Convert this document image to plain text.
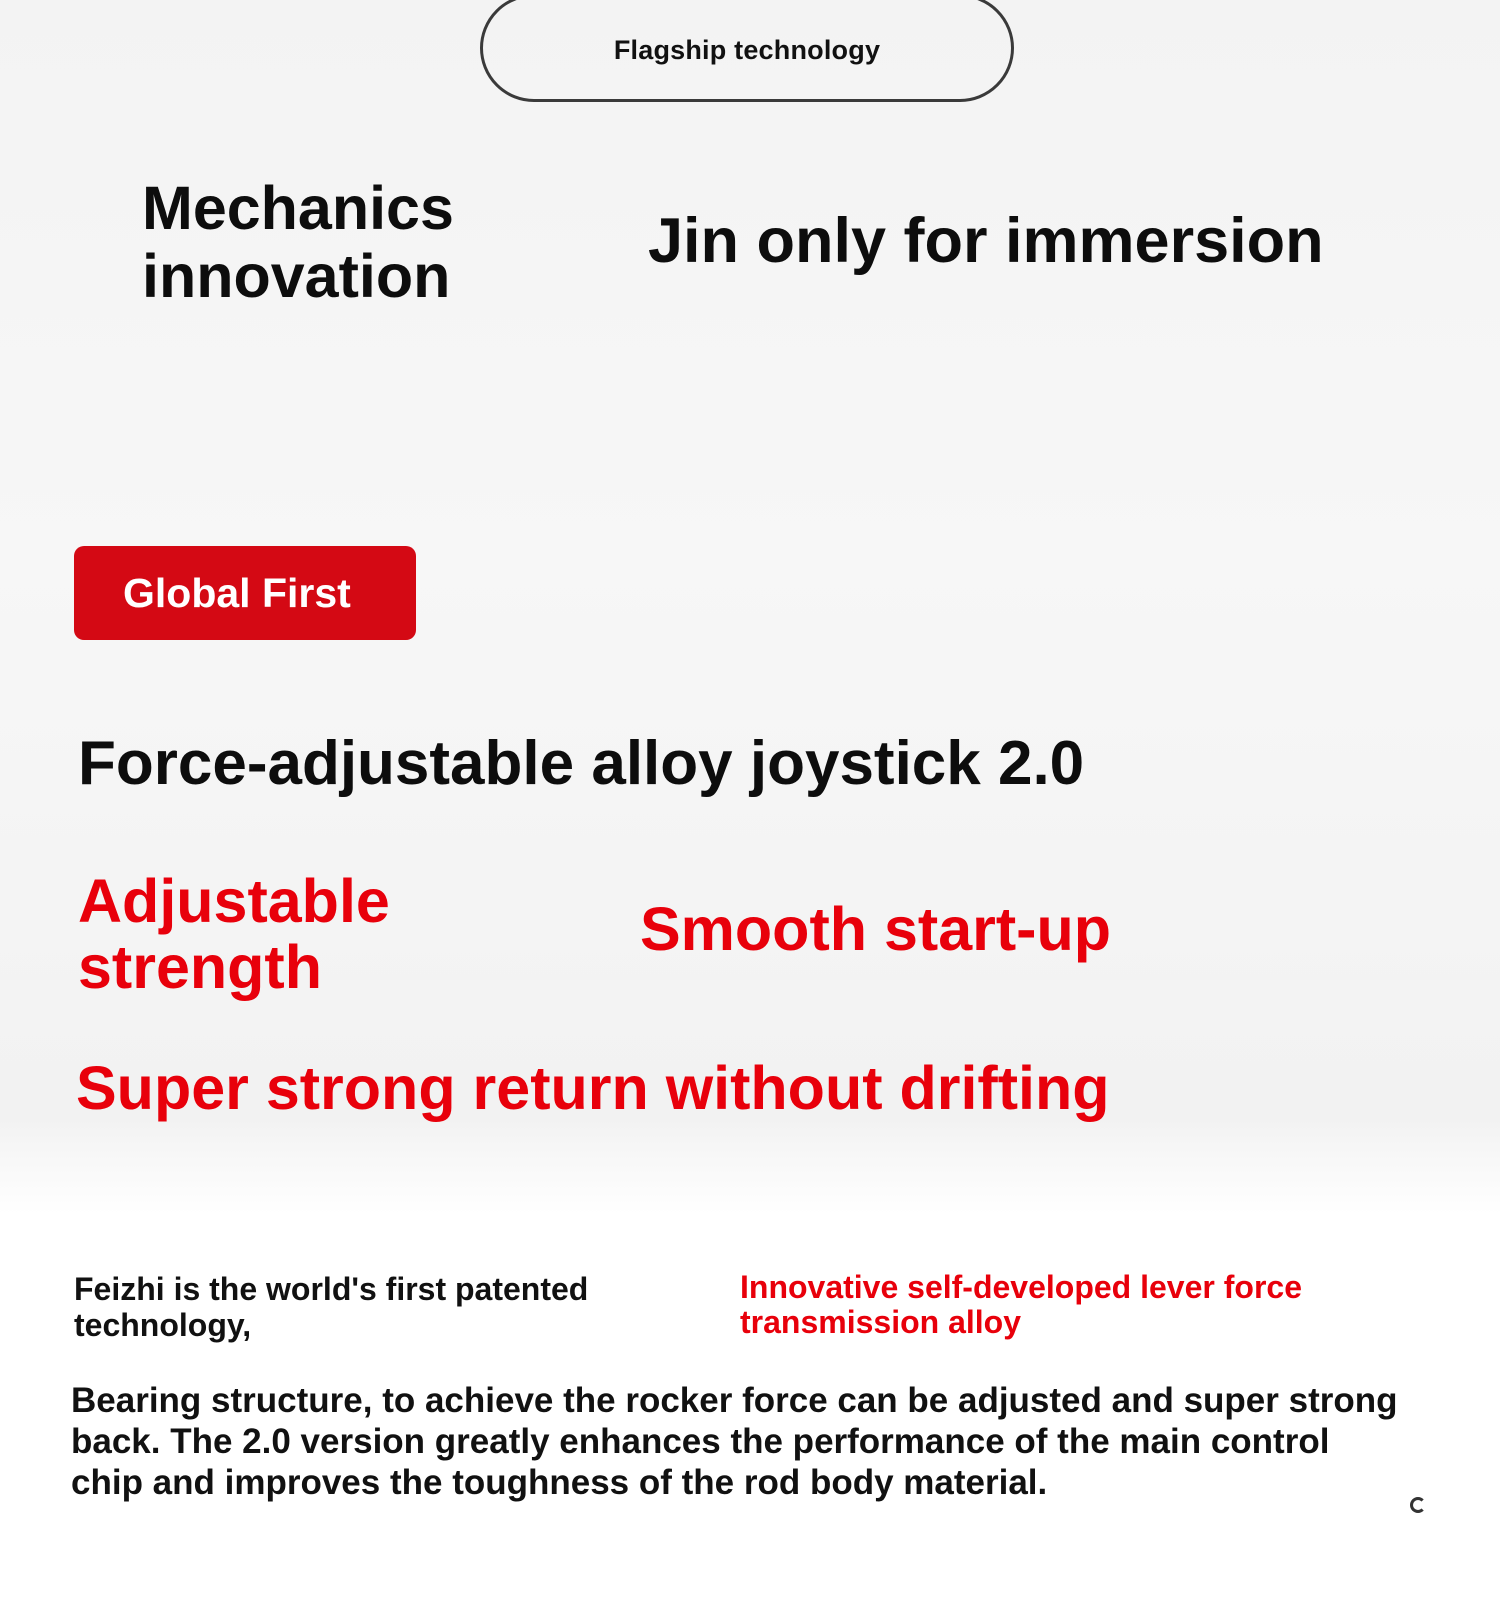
Flagship technology
Mechanics innovation	Jin only for immersion
Global First
Force-adjustable alloy joystick 2.0
Adjustable strength
Smooth start-up
Super strong return without drifting
Feizhi is the world's first patented technology,
Innovative self-developed lever force transmission alloy
Bearing structure, to achieve the rocker force can be adjusted and super strong back. The 2.0 version greatly enhances the performance of the main control chip and improves the toughness of the rod body material.
